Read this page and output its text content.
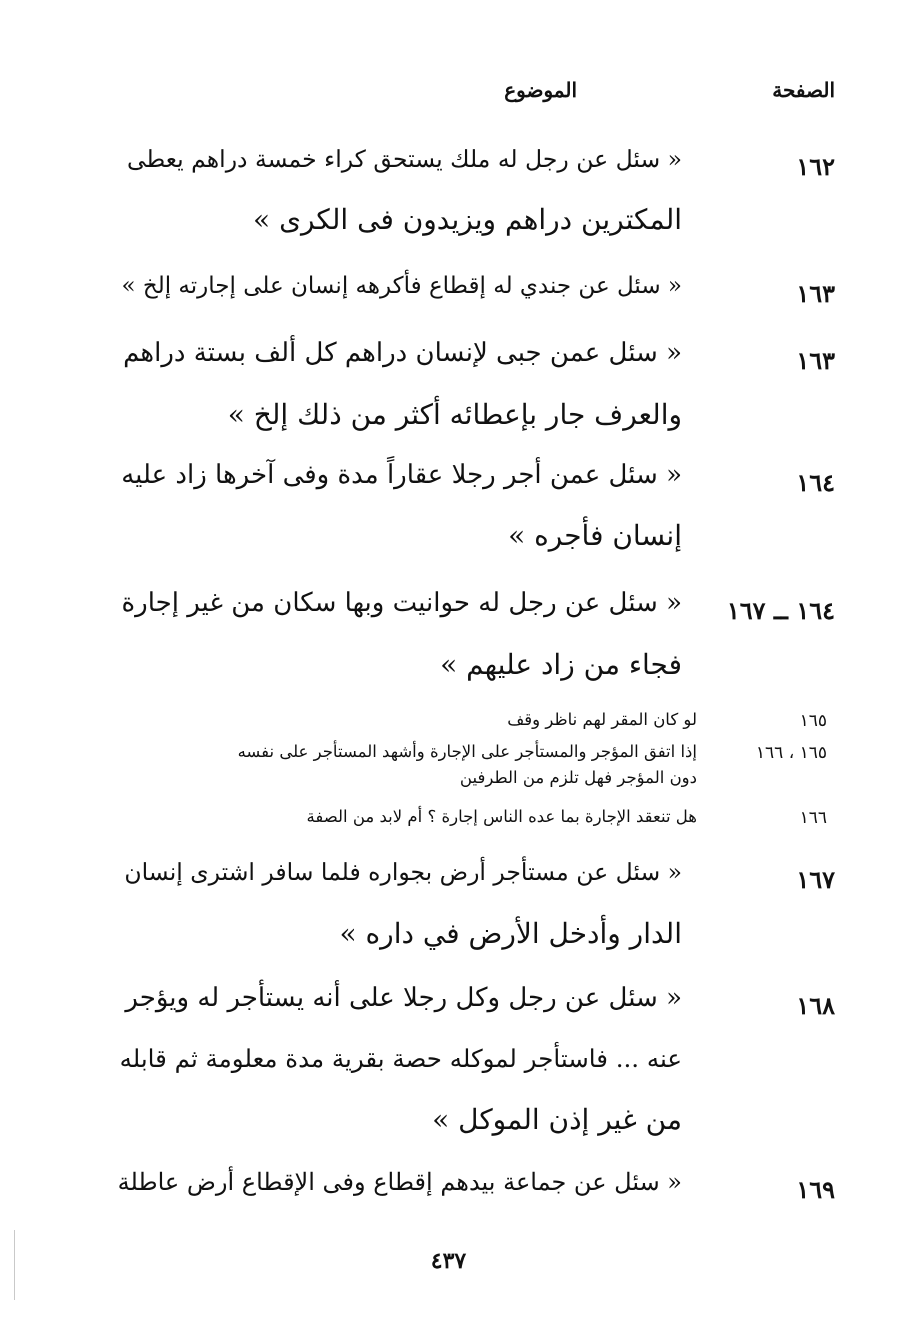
الصفحة
الموضوع
١٦٢
« سئل عن رجل له ملك يستحق كراء خمسة دراهم يعطى
المكترين دراهم ويزيدون فى الكرى »
١٦٣
« سئل عن جندي له إقطاع فأكرهه إنسان على إجارته إلخ »
١٦٣
« سئل عمن جبى لإنسان دراهم كل ألف بستة دراهم
والعرف جار بإعطائه أكثر من ذلك إلخ »
١٦٤
« سئل عمن أجر رجلا عقاراً مدة وفى آخرها زاد عليه
إنسان فأجره »
١٦٤ ــ ١٦٧
« سئل عن رجل له حوانيت وبها سكان من غير إجارة
فجاء من زاد عليهم »
١٦٥
لو كان المقر لهم ناظر وقف
١٦٥ ، ١٦٦
إذا اتفق المؤجر والمستأجر على الإجارة وأشهد المستأجر على نفسه
دون المؤجر فهل تلزم من الطرفين
١٦٦
هل تنعقد الإجارة بما عده الناس إجارة ؟ أم لابد من الصفة
١٦٧
« سئل عن مستأجر أرض بجواره فلما سافر اشترى إنسان
الدار وأدخل الأرض في داره »
١٦٨
« سئل عن رجل وكل رجلا على أنه يستأجر له ويؤجر
عنه ... فاستأجر لموكله حصة بقرية مدة معلومة ثم قابله
من غير إذن الموكل »
١٦٩
« سئل عن جماعة بيدهم إقطاع وفى الإقطاع أرض عاطلة
٤٣٧
